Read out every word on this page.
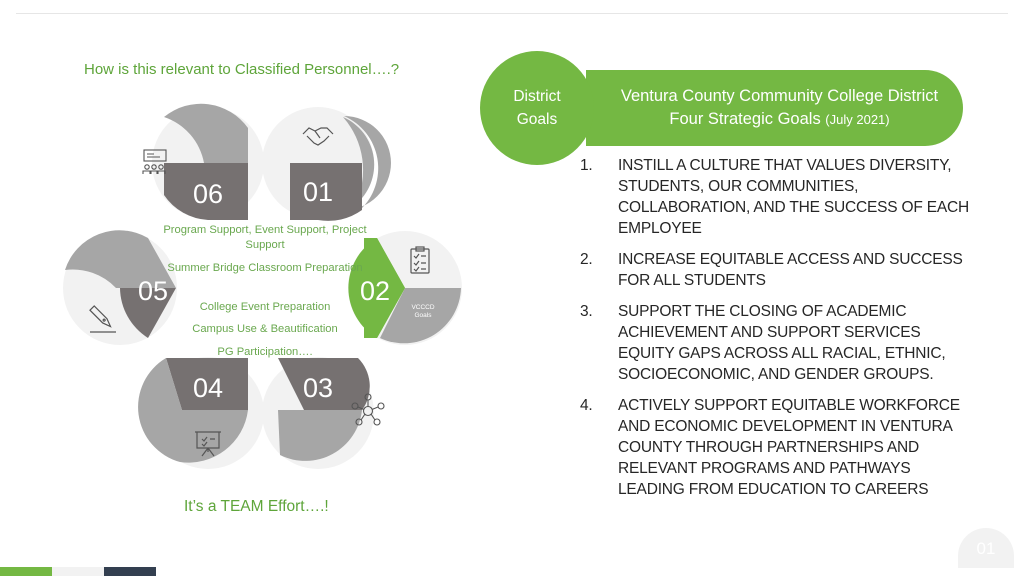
How is this relevant to Classified Personnel….?
01
06
05	02
VCCCD
Goals
04	03
Program Support, Event Support, Project Support
Summer Bridge Classroom Preparation
College Event Preparation
Campus Use & Beautification
PG Participation….
It’s a TEAM Effort….!
Ventura County Community College District
Four Strategic Goals (July 2021)
District
Goals
1. INSTILL A CULTURE THAT VALUES DIVERSITY, STUDENTS, OUR COMMUNITIES, COLLABORATION, AND THE SUCCESS OF EACH EMPLOYEE
2. INCREASE EQUITABLE ACCESS AND SUCCESS FOR ALL STUDENTS
3. SUPPORT THE CLOSING OF ACADEMIC ACHIEVEMENT AND SUPPORT SERVICES EQUITY GAPS ACROSS ALL RACIAL, ETHNIC, SOCIOECONOMIC, AND GENDER GROUPS.
4. ACTIVELY SUPPORT EQUITABLE WORKFORCE AND ECONOMIC DEVELOPMENT IN VENTURA COUNTY THROUGH PARTNERSHIPS AND RELEVANT PROGRAMS AND PATHWAYS LEADING FROM EDUCATION TO CAREERS
01
